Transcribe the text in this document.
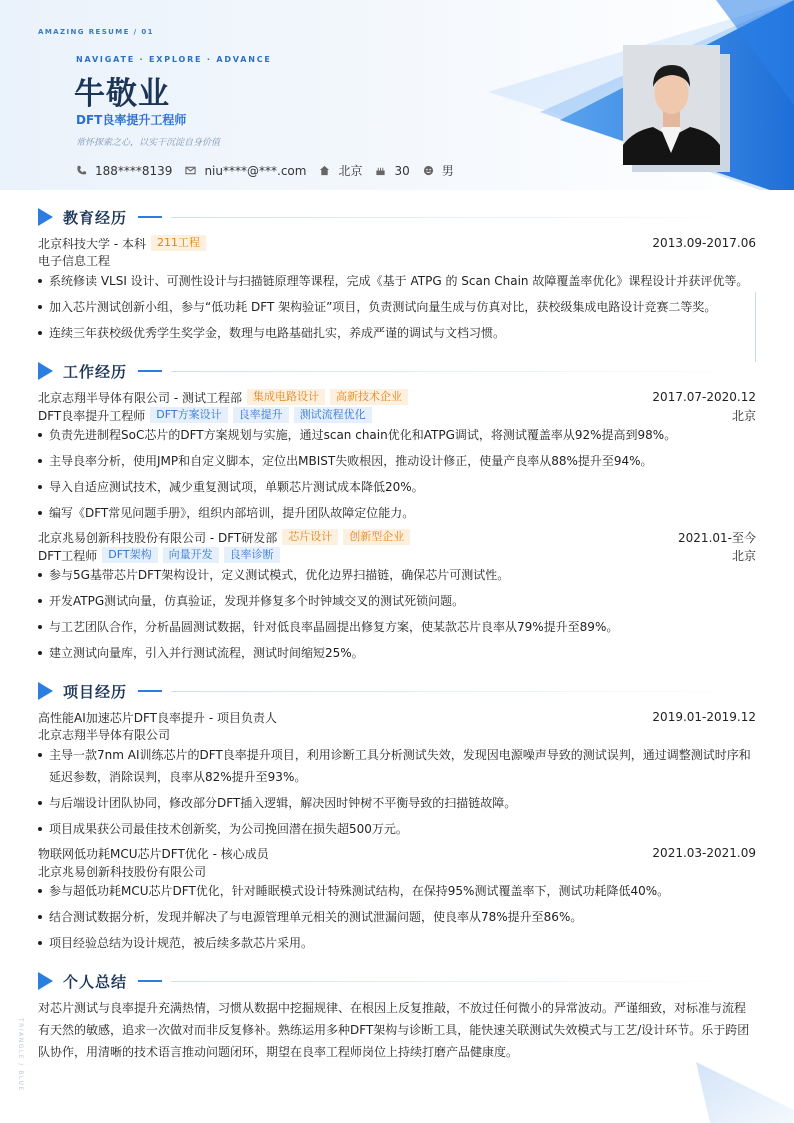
AMAZING RESUME / 01
NAVIGATE · EXPLORE · ADVANCE
牛敬业
DFT良率提升工程师
常怀探索之心，以实干沉淀自身价值
188****8139	niu****@***.com	北京	30	男
教育经历
北京科技大学 - 本科	211工程	2013.09-2017.06
电子信息工程
系统修读 VLSI 设计、可测性设计与扫描链原理等课程，完成《基于 ATPG 的 Scan Chain 故障覆盖率优化》课程设计并获评优等。
加入芯片测试创新小组，参与“低功耗 DFT 架构验证”项目，负责测试向量生成与仿真对比，获校级集成电路设计竞赛二等奖。
连续三年获校级优秀学生奖学金，数理与电路基础扎实，养成严谨的调试与文档习惯。
工作经历
北京志翔半导体有限公司 - 测试工程部	集成电路设计	高新技术企业	2017.07-2020.12
DFT良率提升工程师	DFT方案设计	良率提升	测试流程优化	北京
负责先进制程SoC芯片的DFT方案规划与实施，通过scan chain优化和ATPG调试，将测试覆盖率从92%提高到98%。
主导良率分析，使用JMP和自定义脚本，定位出MBIST失败根因，推动设计修正，使量产良率从88%提升至94%。
导入自适应测试技术，减少重复测试项，单颗芯片测试成本降低20%。
编写《DFT常见问题手册》，组织内部培训，提升团队故障定位能力。
北京兆易创新科技股份有限公司 - DFT研发部	芯片设计	创新型企业	2021.01-至今
DFT工程师	DFT架构	向量开发	良率诊断	北京
参与5G基带芯片DFT架构设计，定义测试模式，优化边界扫描链，确保芯片可测试性。
开发ATPG测试向量，仿真验证，发现并修复多个时钟域交叉的测试死锁问题。
与工艺团队合作，分析晶圆测试数据，针对低良率晶圆提出修复方案，使某款芯片良率从79%提升至89%。
建立测试向量库，引入并行测试流程，测试时间缩短25%。
项目经历
高性能AI加速芯片DFT良率提升 - 项目负责人	2019.01-2019.12
北京志翔半导体有限公司
主导一款7nm AI训练芯片的DFT良率提升项目，利用诊断工具分析测试失效，发现因电源噪声导致的测试误判，通过调整测试时序和延迟参数，消除误判，良率从82%提升至93%。
与后端设计团队协同，修改部分DFT插入逻辑，解决因时钟树不平衡导致的扫描链故障。
项目成果获公司最佳技术创新奖，为公司挽回潜在损失超500万元。
物联网低功耗MCU芯片DFT优化 - 核心成员	2021.03-2021.09
北京兆易创新科技股份有限公司
参与超低功耗MCU芯片DFT优化，针对睡眠模式设计特殊测试结构，在保持95%测试覆盖率下，测试功耗降低40%。
结合测试数据分析，发现并解决了与电源管理单元相关的测试泄漏问题，使良率从78%提升至86%。
项目经验总结为设计规范，被后续多款芯片采用。
个人总结
对芯片测试与良率提升充满热情，习惯从数据中挖掘规律、在根因上反复推敲，不放过任何微小的异常波动。严谨细致，对标准与流程有天然的敏感，追求一次做对而非反复修补。熟练运用多种DFT架构与诊断工具，能快速关联测试失效模式与工艺/设计环节。乐于跨团队协作，用清晰的技术语言推动问题闭环，期望在良率工程师岗位上持续打磨产品健康度。
TRIANGLE / BLUE
